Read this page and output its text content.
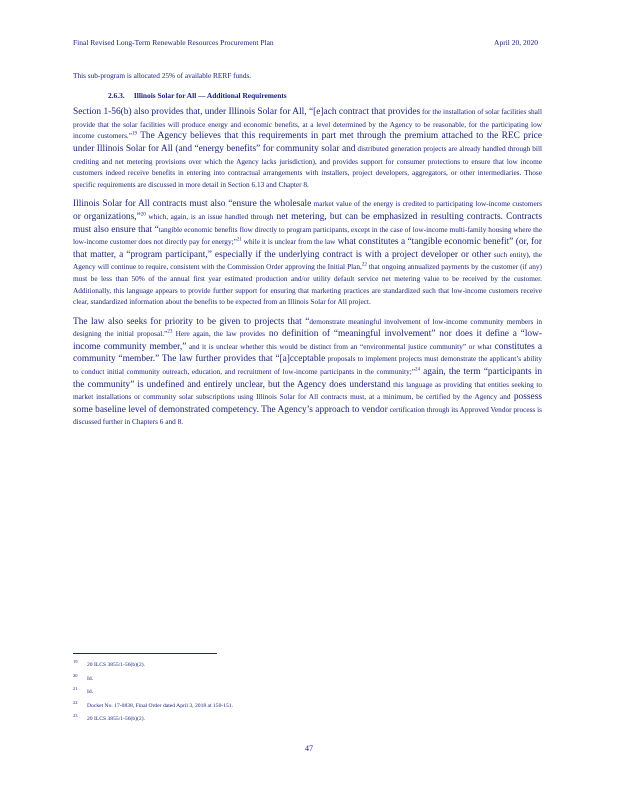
Final Revised Long-Term Renewable Resources Procurement Plan	April 20, 2020

This sub-program is allocated 25% of available RERF funds.

2.6.3. Illinois Solar for All — Additional Requirements

Section 1-56(b) also provides that, under Illinois Solar for All, “[e]ach contract that provides for the installation of solar facilities shall provide that the solar facilities will produce energy and economic benefits, at a level determined by the Agency to be reasonable, for the participating low income customers.”$^{19}$ The Agency believes that this requirements in part met through the premium attached to the REC price under Illinois Solar for All (and “energy benefits” for community solar and distributed generation projects are already handled through bill crediting and net metering provisions over which the Agency lacks jurisdiction), and provides support for consumer protections to ensure that low income customers indeed receive benefits in entering into contractual arrangements with installers, project developers, aggregators, or other intermediaries. Those specific requirements are discussed in more detail in Section 6.13 and Chapter 8.

Illinois Solar for All contracts must also “ensure the wholesale market value of the energy is credited to participating low-income customers or organizations,”$^{20}$ which, again, is an issue handled through net metering, but can be emphasized in resulting contracts. Contracts must also ensure that “tangible economic benefits flow directly to program participants, except in the case of low-income multi-family housing where the low-income customer does not directly pay for energy;”$^{21}$ while it is unclear from the law what constitutes a “tangible economic benefit” (or, for that matter, a “program participant,” especially if the underlying contract is with a project developer or other such entity), the Agency will continue to require, consistent with the Commission Order approving the Initial Plan,$^{22}$ that ongoing annualized payments by the customer (if any) must be less than 50% of the annual first year estimated production and/or utility default service net metering value to be received by the customer. Additionally, this language appears to provide further support for ensuring that marketing practices are standardized such that low-income customers receive clear, standardized information about the benefits to be expected from an Illinois Solar for All project.

The law also seeks for priority to be given to projects that “demonstrate meaningful involvement of low-income community members in designing the initial proposal.”$^{23}$ Here again, the law provides no definition of “meaningful involvement” nor does it define a “low-income community member,” and it is unclear whether this would be distinct from an “environmental justice community” or what constitutes a community “member.” The law further provides that “[a]cceptable proposals to implement projects must demonstrate the applicant’s ability to conduct initial community outreach, education, and recruitment of low-income participants in the community;”$^{24}$ again, the term “participants in the community” is undefined and entirely unclear, but the Agency does understand this language as providing that entities seeking to market installations or community solar subscriptions using Illinois Solar for All contracts must, at a minimum, be certified by the Agency and possess some baseline level of demonstrated competency. The Agency’s approach to vendor certification through its Approved Vendor process is discussed further in Chapters 6 and 8.

1920 ILCS 3855/1-56(b)(2).
20Id.
21Id.
22Docket No. 17-0838, Final Order dated April 3, 2018 at 150-151.
2320 ILCS 3855/1-56(b)(2).
47
